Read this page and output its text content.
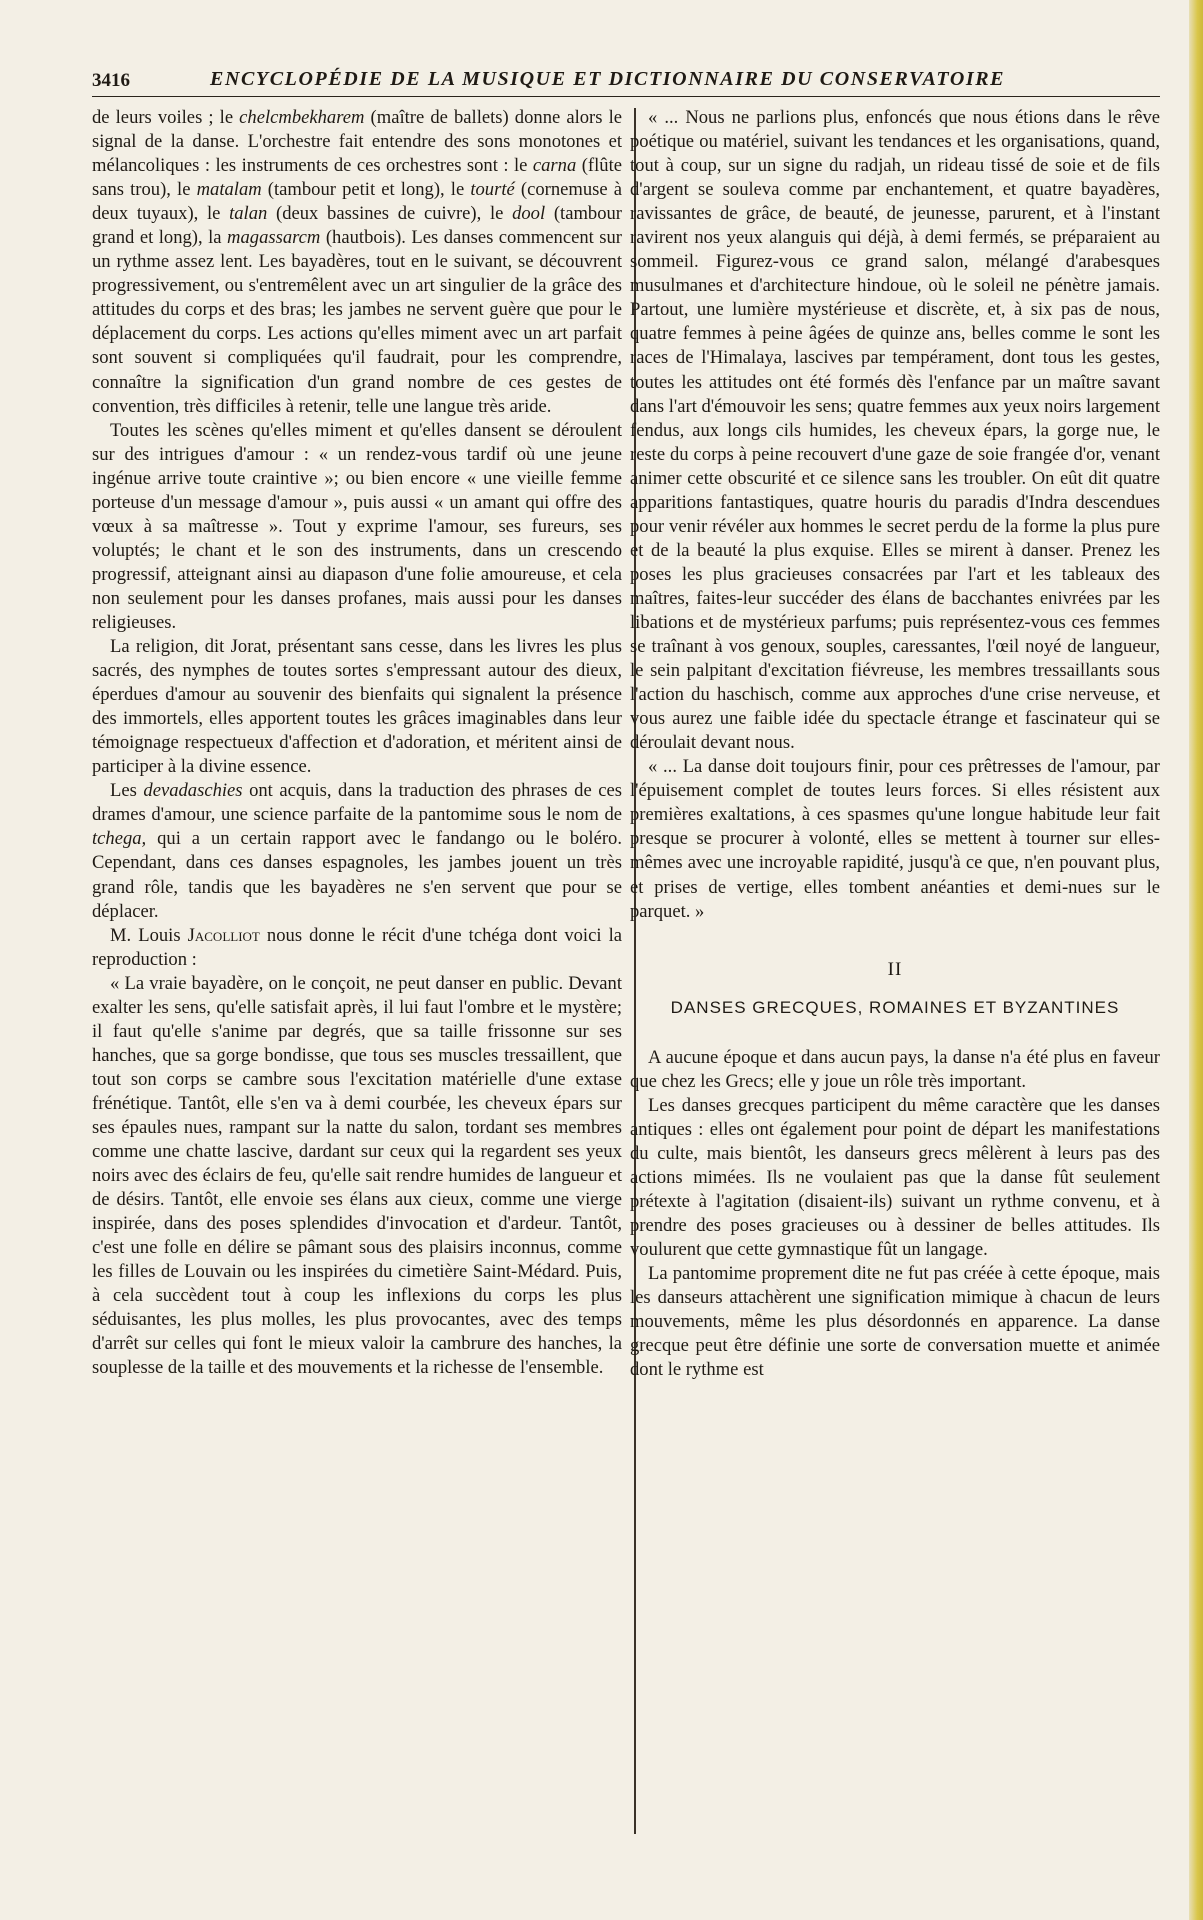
3416	ENCYCLOPÉDIE DE LA MUSIQUE ET DICTIONNAIRE DU CONSERVATOIRE

de leurs voiles ; le chelcmbekharem (maître de ballets) donne alors le signal de la danse. L'orchestre fait entendre des sons monotones et mélancoliques : les instruments de ces orchestres sont : le carna (flûte sans trou), le matalam (tambour petit et long), le tourté (cornemuse à deux tuyaux), le talan (deux bassines de cuivre), le dool (tambour grand et long), la magassarcm (hautbois). Les danses commencent sur un rythme assez lent. Les bayadères, tout en le suivant, se découvrent progressivement, ou s'entremêlent avec un art singulier de la grâce des attitudes du corps et des bras; les jambes ne servent guère que pour le déplacement du corps. Les actions qu'elles miment avec un art parfait sont souvent si compliquées qu'il faudrait, pour les comprendre, connaître la signification d'un grand nombre de ces gestes de convention, très difficiles à retenir, telle une langue très aride.

Toutes les scènes qu'elles miment et qu'elles dansent se déroulent sur des intrigues d'amour : « un rendez-vous tardif où une jeune ingénue arrive toute craintive »; ou bien encore « une vieille femme porteuse d'un message d'amour », puis aussi « un amant qui offre des vœux à sa maîtresse ». Tout y exprime l'amour, ses fureurs, ses voluptés; le chant et le son des instruments, dans un crescendo progressif, atteignant ainsi au diapason d'une folie amoureuse, et cela non seulement pour les danses profanes, mais aussi pour les danses religieuses.

La religion, dit Jorat, présentant sans cesse, dans les livres les plus sacrés, des nymphes de toutes sortes s'empressant autour des dieux, éperdues d'amour au souvenir des bienfaits qui signalent la présence des immortels, elles apportent toutes les grâces imaginables dans leur témoignage respectueux d'affection et d'adoration, et méritent ainsi de participer à la divine essence.

Les devadaschies ont acquis, dans la traduction des phrases de ces drames d'amour, une science parfaite de la pantomime sous le nom de tchega, qui a un certain rapport avec le fandango ou le boléro. Cependant, dans ces danses espagnoles, les jambes jouent un très grand rôle, tandis que les bayadères ne s'en servent que pour se déplacer.

M. Louis Jacolliot nous donne le récit d'une tchéga dont voici la reproduction :

« La vraie bayadère, on le conçoit, ne peut danser en public. Devant exalter les sens, qu'elle satisfait après, il lui faut l'ombre et le mystère; il faut qu'elle s'anime par degrés, que sa taille frissonne sur ses hanches, que sa gorge bondisse, que tous ses muscles tressaillent, que tout son corps se cambre sous l'excitation matérielle d'une extase frénétique. Tantôt, elle s'en va à demi courbée, les cheveux épars sur ses épaules nues, rampant sur la natte du salon, tordant ses membres comme une chatte lascive, dardant sur ceux qui la regardent ses yeux noirs avec des éclairs de feu, qu'elle sait rendre humides de langueur et de désirs. Tantôt, elle envoie ses élans aux cieux, comme une vierge inspirée, dans des poses splendides d'invocation et d'ardeur. Tantôt, c'est une folle en délire se pâmant sous des plaisirs inconnus, comme les filles de Louvain ou les inspirées du cimetière Saint-Médard. Puis, à cela succèdent tout à coup les inflexions du corps les plus séduisantes, les plus molles, les plus provocantes, avec des temps d'arrêt sur celles qui font le mieux valoir la cambrure des hanches, la souplesse de la taille et des mouvements et la richesse de l'ensemble.

« ... Nous ne parlions plus, enfoncés que nous étions dans le rêve poétique ou matériel, suivant les tendances et les organisations, quand, tout à coup, sur un signe du radjah, un rideau tissé de soie et de fils d'argent se souleva comme par enchantement, et quatre bayadères, ravissantes de grâce, de beauté, de jeunesse, parurent, et à l'instant ravirent nos yeux alanguis qui déjà, à demi fermés, se préparaient au sommeil. Figurez-vous ce grand salon, mélangé d'arabesques musulmanes et d'architecture hindoue, où le soleil ne pénètre jamais. Partout, une lumière mystérieuse et discrète, et, à six pas de nous, quatre femmes à peine âgées de quinze ans, belles comme le sont les races de l'Himalaya, lascives par tempérament, dont tous les gestes, toutes les attitudes ont été formés dès l'enfance par un maître savant dans l'art d'émouvoir les sens; quatre femmes aux yeux noirs largement fendus, aux longs cils humides, les cheveux épars, la gorge nue, le reste du corps à peine recouvert d'une gaze de soie frangée d'or, venant animer cette obscurité et ce silence sans les troubler. On eût dit quatre apparitions fantastiques, quatre houris du paradis d'Indra descendues pour venir révéler aux hommes le secret perdu de la forme la plus pure et de la beauté la plus exquise. Elles se mirent à danser. Prenez les poses les plus gracieuses consacrées par l'art et les tableaux des maîtres, faites-leur succéder des élans de bacchantes enivrées par les libations et de mystérieux parfums; puis représentez-vous ces femmes se traînant à vos genoux, souples, caressantes, l'œil noyé de langueur, le sein palpitant d'excitation fiévreuse, les membres tressaillants sous l'action du haschisch, comme aux approches d'une crise nerveuse, et vous aurez une faible idée du spectacle étrange et fascinateur qui se déroulait devant nous.

« ... La danse doit toujours finir, pour ces prêtresses de l'amour, par l'épuisement complet de toutes leurs forces. Si elles résistent aux premières exaltations, à ces spasmes qu'une longue habitude leur fait presque se procurer à volonté, elles se mettent à tourner sur elles-mêmes avec une incroyable rapidité, jusqu'à ce que, n'en pouvant plus, et prises de vertige, elles tombent anéanties et demi-nues sur le parquet. »

II
DANSES GRECQUES, ROMAINES ET BYZANTINES

A aucune époque et dans aucun pays, la danse n'a été plus en faveur que chez les Grecs; elle y joue un rôle très important.

Les danses grecques participent du même caractère que les danses antiques : elles ont également pour point de départ les manifestations du culte, mais bientôt, les danseurs grecs mêlèrent à leurs pas des actions mimées. Ils ne voulaient pas que la danse fût seulement prétexte à l'agitation (disaient-ils) suivant un rythme convenu, et à prendre des poses gracieuses ou à dessiner de belles attitudes. Ils voulurent que cette gymnastique fût un langage.

La pantomime proprement dite ne fut pas créée à cette époque, mais les danseurs attachèrent une signification mimique à chacun de leurs mouvements, même les plus désordonnés en apparence. La danse grecque peut être définie une sorte de conversation muette et animée dont le rythme est
